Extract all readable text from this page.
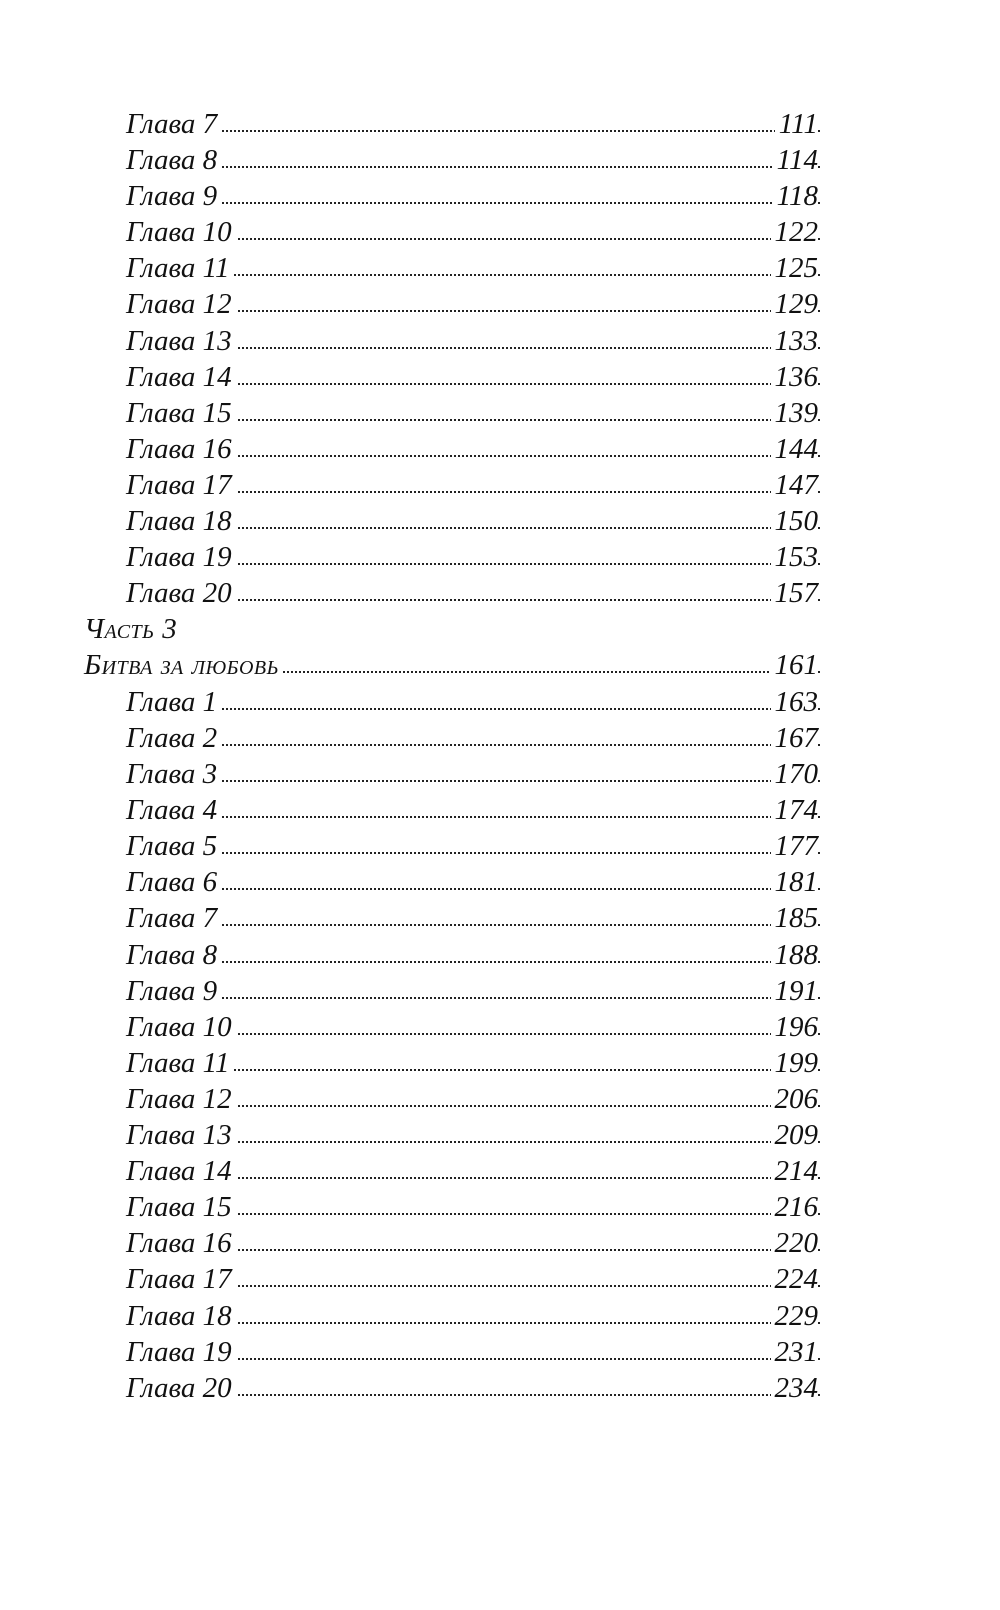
Глава 7	111
Глава 8	114
Глава 9	118
Глава 10	122
Глава 11	125
Глава 12	129
Глава 13	133
Глава 14	136
Глава 15	139
Глава 16	144
Глава 17	147
Глава 18	150
Глава 19	153
Глава 20	157
Часть 3
Битва за любовь	161
Глава 1	163
Глава 2	167
Глава 3	170
Глава 4	174
Глава 5	177
Глава 6	181
Глава 7	185
Глава 8	188
Глава 9	191
Глава 10	196
Глава 11	199
Глава 12	206
Глава 13	209
Глава 14	214
Глава 15	216
Глава 16	220
Глава 17	224
Глава 18	229
Глава 19	231
Глава 20	234
